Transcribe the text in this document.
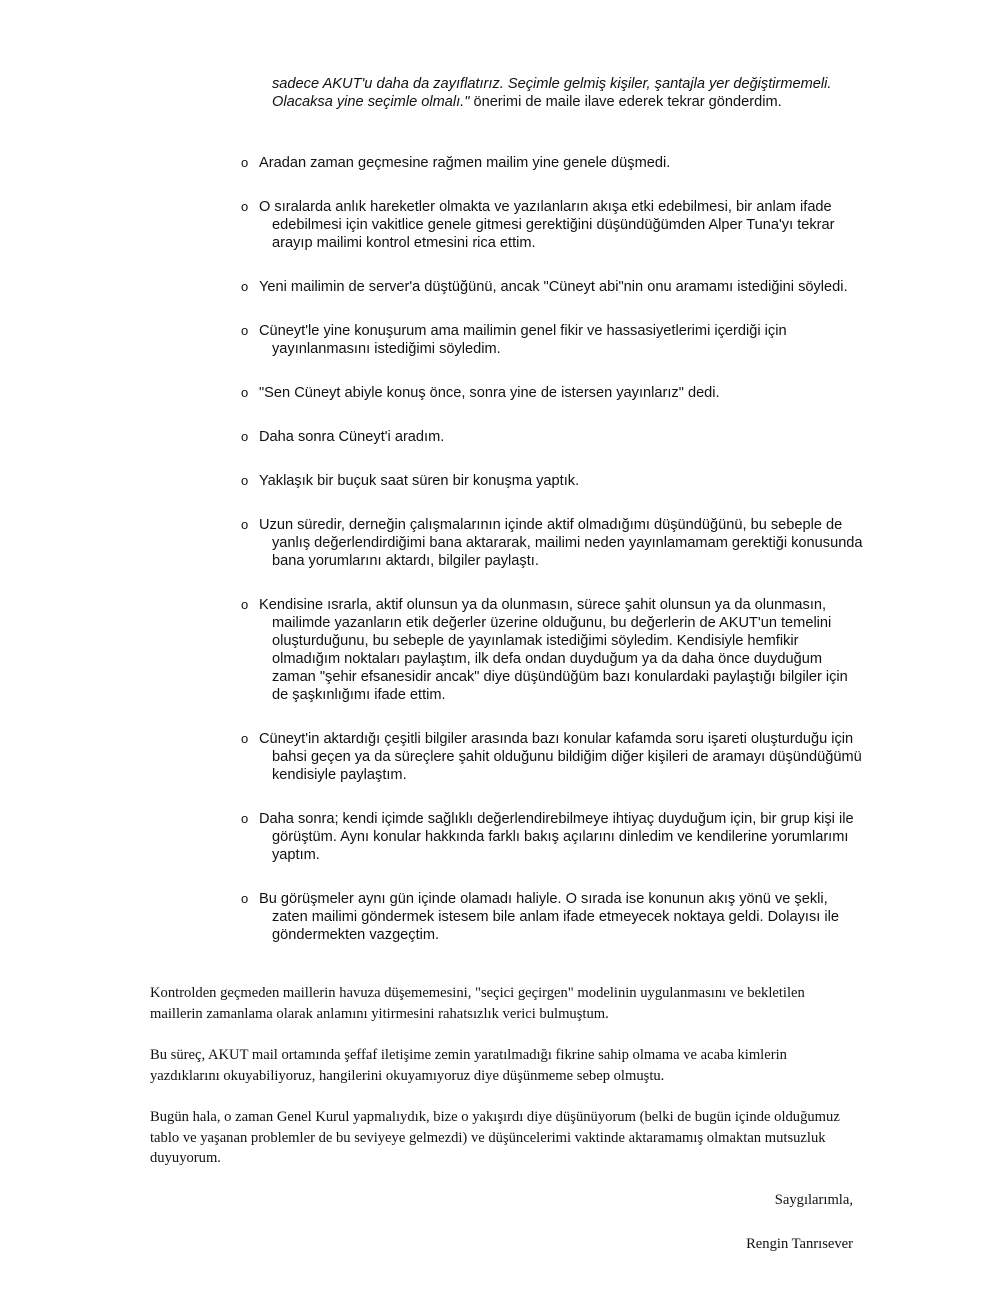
sadece AKUT'u daha da zayıflatırız. Seçimle gelmiş kişiler, şantajla yer değiştirmemeli. Olacaksa yine seçimle olmalı." önerimi de maile ilave ederek tekrar gönderdim.
o Aradan zaman geçmesine rağmen mailim yine genele düşmedi.
o O sıralarda anlık hareketler olmakta ve yazılanların akışa etki edebilmesi, bir anlam ifade edebilmesi için vakitlice genele gitmesi gerektiğini düşündüğümden Alper Tuna'yı tekrar arayıp mailimi kontrol etmesini rica ettim.
o Yeni mailimin de server'a düştüğünü, ancak "Cüneyt abi"nin onu aramamı istediğini söyledi.
o Cüneyt'le yine konuşurum ama mailimin genel fikir ve hassasiyetlerimi içerdiği için yayınlanmasını istediğimi söyledim.
o "Sen Cüneyt abiyle konuş önce, sonra yine de istersen yayınlarız" dedi.
o Daha sonra Cüneyt'i aradım.
o Yaklaşık bir buçuk saat süren bir konuşma yaptık.
o Uzun süredir, derneğin çalışmalarının içinde aktif olmadığımı düşündüğünü, bu sebeple de yanlış değerlendirdiğimi bana aktararak, mailimi neden yayınlamamam gerektiği konusunda bana yorumlarını aktardı, bilgiler paylaştı.
o Kendisine ısrarla, aktif olunsun ya da olunmasın, sürece şahit olunsun ya da olunmasın, mailimde yazanların etik değerler üzerine olduğunu, bu değerlerin de AKUT'un temelini oluşturduğunu, bu sebeple de yayınlamak istediğimi söyledim. Kendisiyle hemfikir olmadığım noktaları paylaştım, ilk defa ondan duyduğum ya da daha önce duyduğum zaman "şehir efsanesidir ancak" diye düşündüğüm bazı konulardaki paylaştığı bilgiler için de şaşkınlığımı ifade ettim.
o Cüneyt'in aktardığı çeşitli bilgiler arasında bazı konular kafamda soru işareti oluşturduğu için bahsi geçen ya da süreçlere şahit olduğunu bildiğim diğer kişileri de aramayı düşündüğümü kendisiyle paylaştım.
o Daha sonra; kendi içimde sağlıklı değerlendirebilmeye ihtiyaç duyduğum için, bir grup kişi ile görüştüm. Aynı konular hakkında farklı bakış açılarını dinledim ve kendilerine yorumlarımı yaptım.
o Bu görüşmeler aynı gün içinde olamadı haliyle. O sırada ise konunun akış yönü ve şekli, zaten mailimi göndermek istesem bile anlam ifade etmeyecek noktaya geldi. Dolayısı ile göndermekten vazgeçtim.

Kontrolden geçmeden maillerin havuza düşememesini, "seçici geçirgen" modelinin uygulanmasını ve bekletilen maillerin zamanlama olarak anlamını yitirmesini rahatsızlık verici bulmuştum.

Bu süreç, AKUT mail ortamında şeffaf iletişime zemin yaratılmadığı fikrine sahip olmama ve acaba kimlerin yazdıklarını okuyabiliyoruz, hangilerini okuyamıyoruz diye düşünmeme sebep olmuştu.

Bugün hala, o zaman Genel Kurul yapmalıydık, bize o yakışırdı diye düşünüyorum (belki de bugün içinde olduğumuz tablo ve yaşanan problemler de bu seviyeye gelmezdi) ve düşüncelerimi vaktinde aktaramamış olmaktan mutsuzluk duyuyorum.

Saygılarımla,
Rengin Tanrısever
